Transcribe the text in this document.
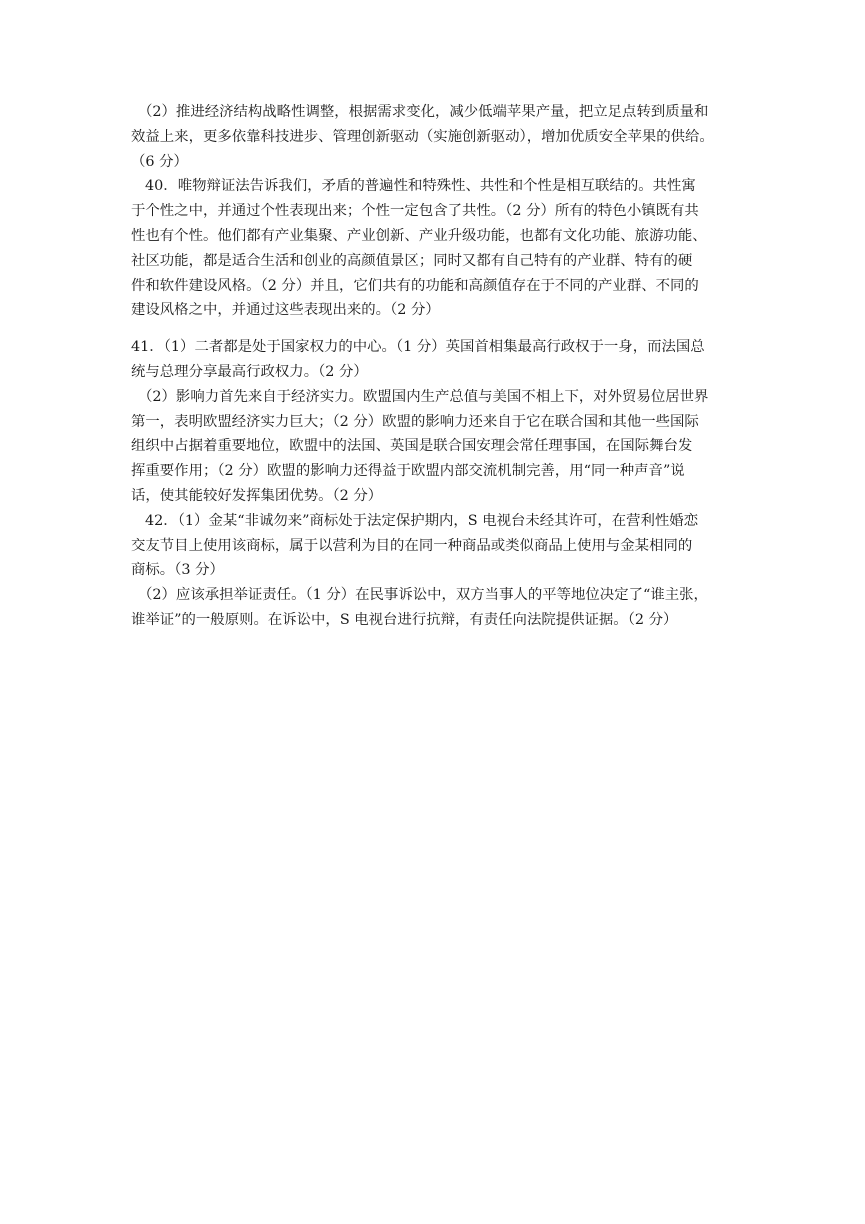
（2）推进经济结构战略性调整，根据需求变化，减少低端苹果产量，把立足点转到质量和
效益上来，更多依靠科技进步、管理创新驱动（实施创新驱动），增加优质安全苹果的供给。
（6 分）
40．唯物辩证法告诉我们，矛盾的普遍性和特殊性、共性和个性是相互联结的。共性寓
于个性之中，并通过个性表现出来；个性一定包含了共性。（2 分）所有的特色小镇既有共
性也有个性。他们都有产业集聚、产业创新、产业升级功能，也都有文化功能、旅游功能、
社区功能，都是适合生活和创业的高颜值景区；同时又都有自己特有的产业群、特有的硬
件和软件建设风格。（2 分）并且，它们共有的功能和高颜值存在于不同的产业群、不同的
建设风格之中，并通过这些表现出来的。（2 分）
41．（1）二者都是处于国家权力的中心。（1 分）英国首相集最高行政权于一身，而法国总
统与总理分享最高行政权力。（2 分）
（2）影响力首先来自于经济实力。欧盟国内生产总值与美国不相上下，对外贸易位居世界
第一，表明欧盟经济实力巨大；（2 分）欧盟的影响力还来自于它在联合国和其他一些国际
组织中占据着重要地位，欧盟中的法国、英国是联合国安理会常任理事国，在国际舞台发
挥重要作用；（2 分）欧盟的影响力还得益于欧盟内部交流机制完善，用“同一种声音”说
话，使其能较好发挥集团优势。（2 分）
42．（1）金某“非诚勿来”商标处于法定保护期内，S 电视台未经其许可，在营利性婚恋
交友节目上使用该商标，属于以营利为目的在同一种商品或类似商品上使用与金某相同的
商标。（3 分）
（2）应该承担举证责任。（1 分）在民事诉讼中，双方当事人的平等地位决定了“谁主张，
谁举证”的一般原则。在诉讼中，S 电视台进行抗辩，有责任向法院提供证据。（2 分）
